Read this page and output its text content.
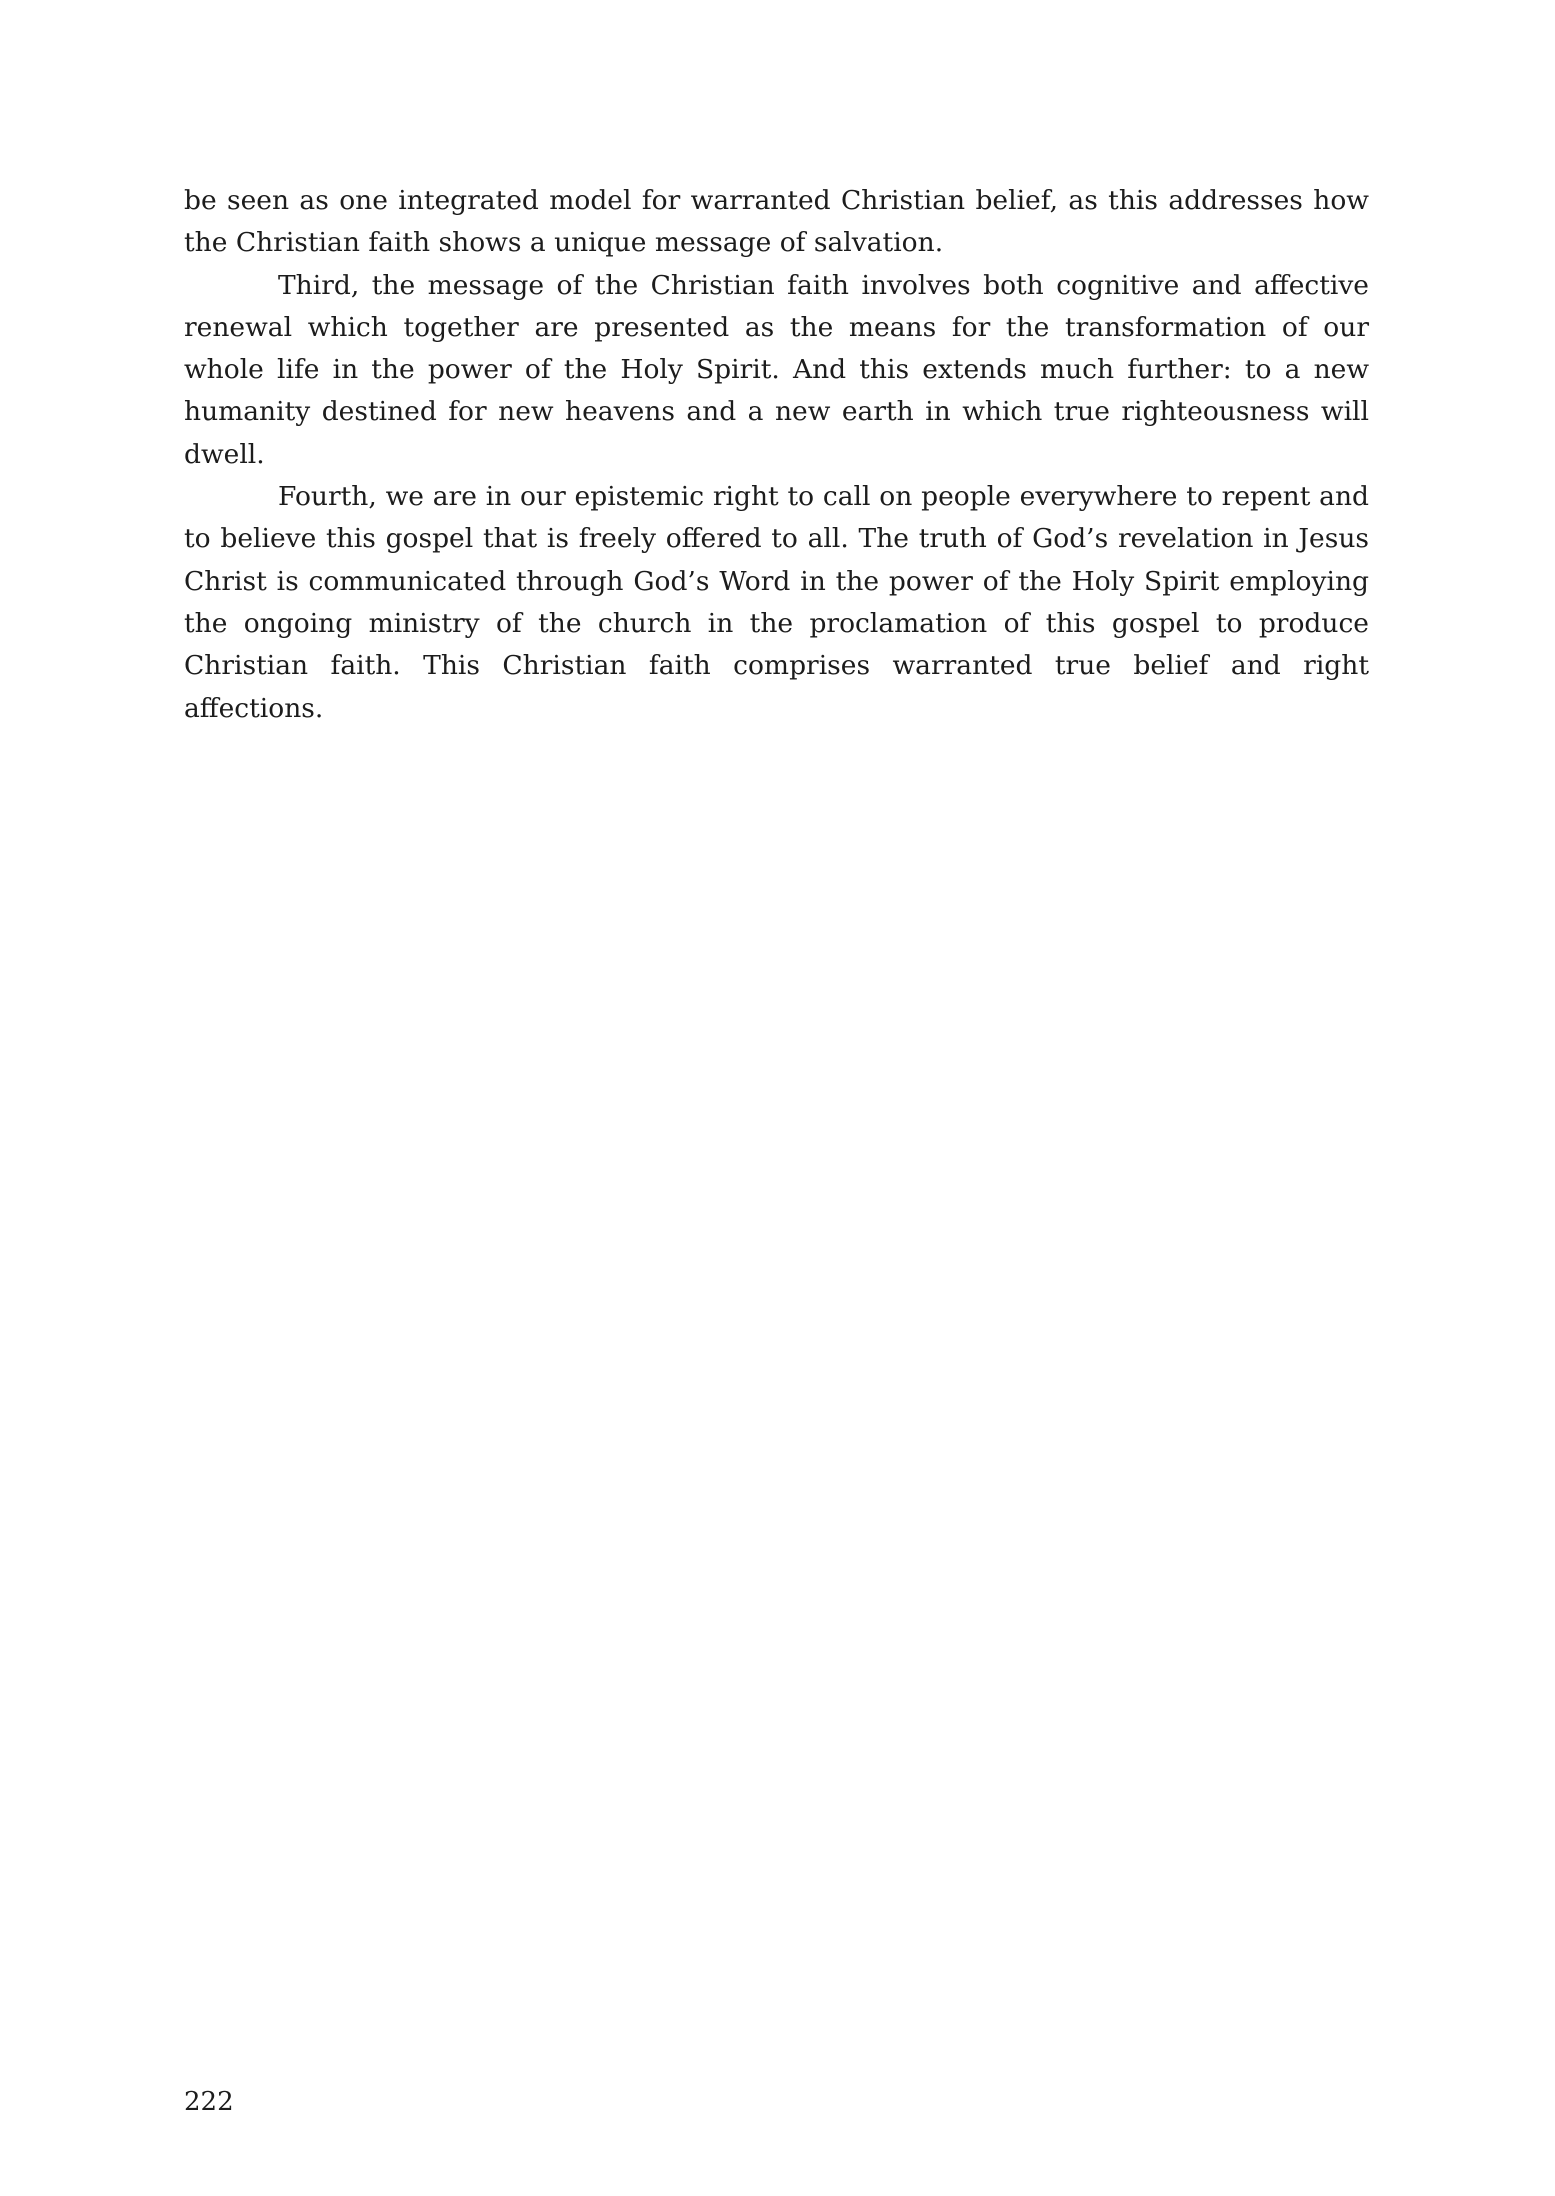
be seen as one integrated model for warranted Christian belief, as this addresses how the Christian faith shows a unique message of salvation.

Third, the message of the Christian faith involves both cognitive and affective renewal which together are presented as the means for the transformation of our whole life in the power of the Holy Spirit. And this extends much further: to a new humanity destined for new heavens and a new earth in which true righteousness will dwell.

Fourth, we are in our epistemic right to call on people everywhere to repent and to believe this gospel that is freely offered to all. The truth of God’s revelation in Jesus Christ is communicated through God’s Word in the power of the Holy Spirit employing the ongoing ministry of the church in the proclamation of this gospel to produce Christian faith. This Christian faith comprises warranted true belief and right affections.

222
